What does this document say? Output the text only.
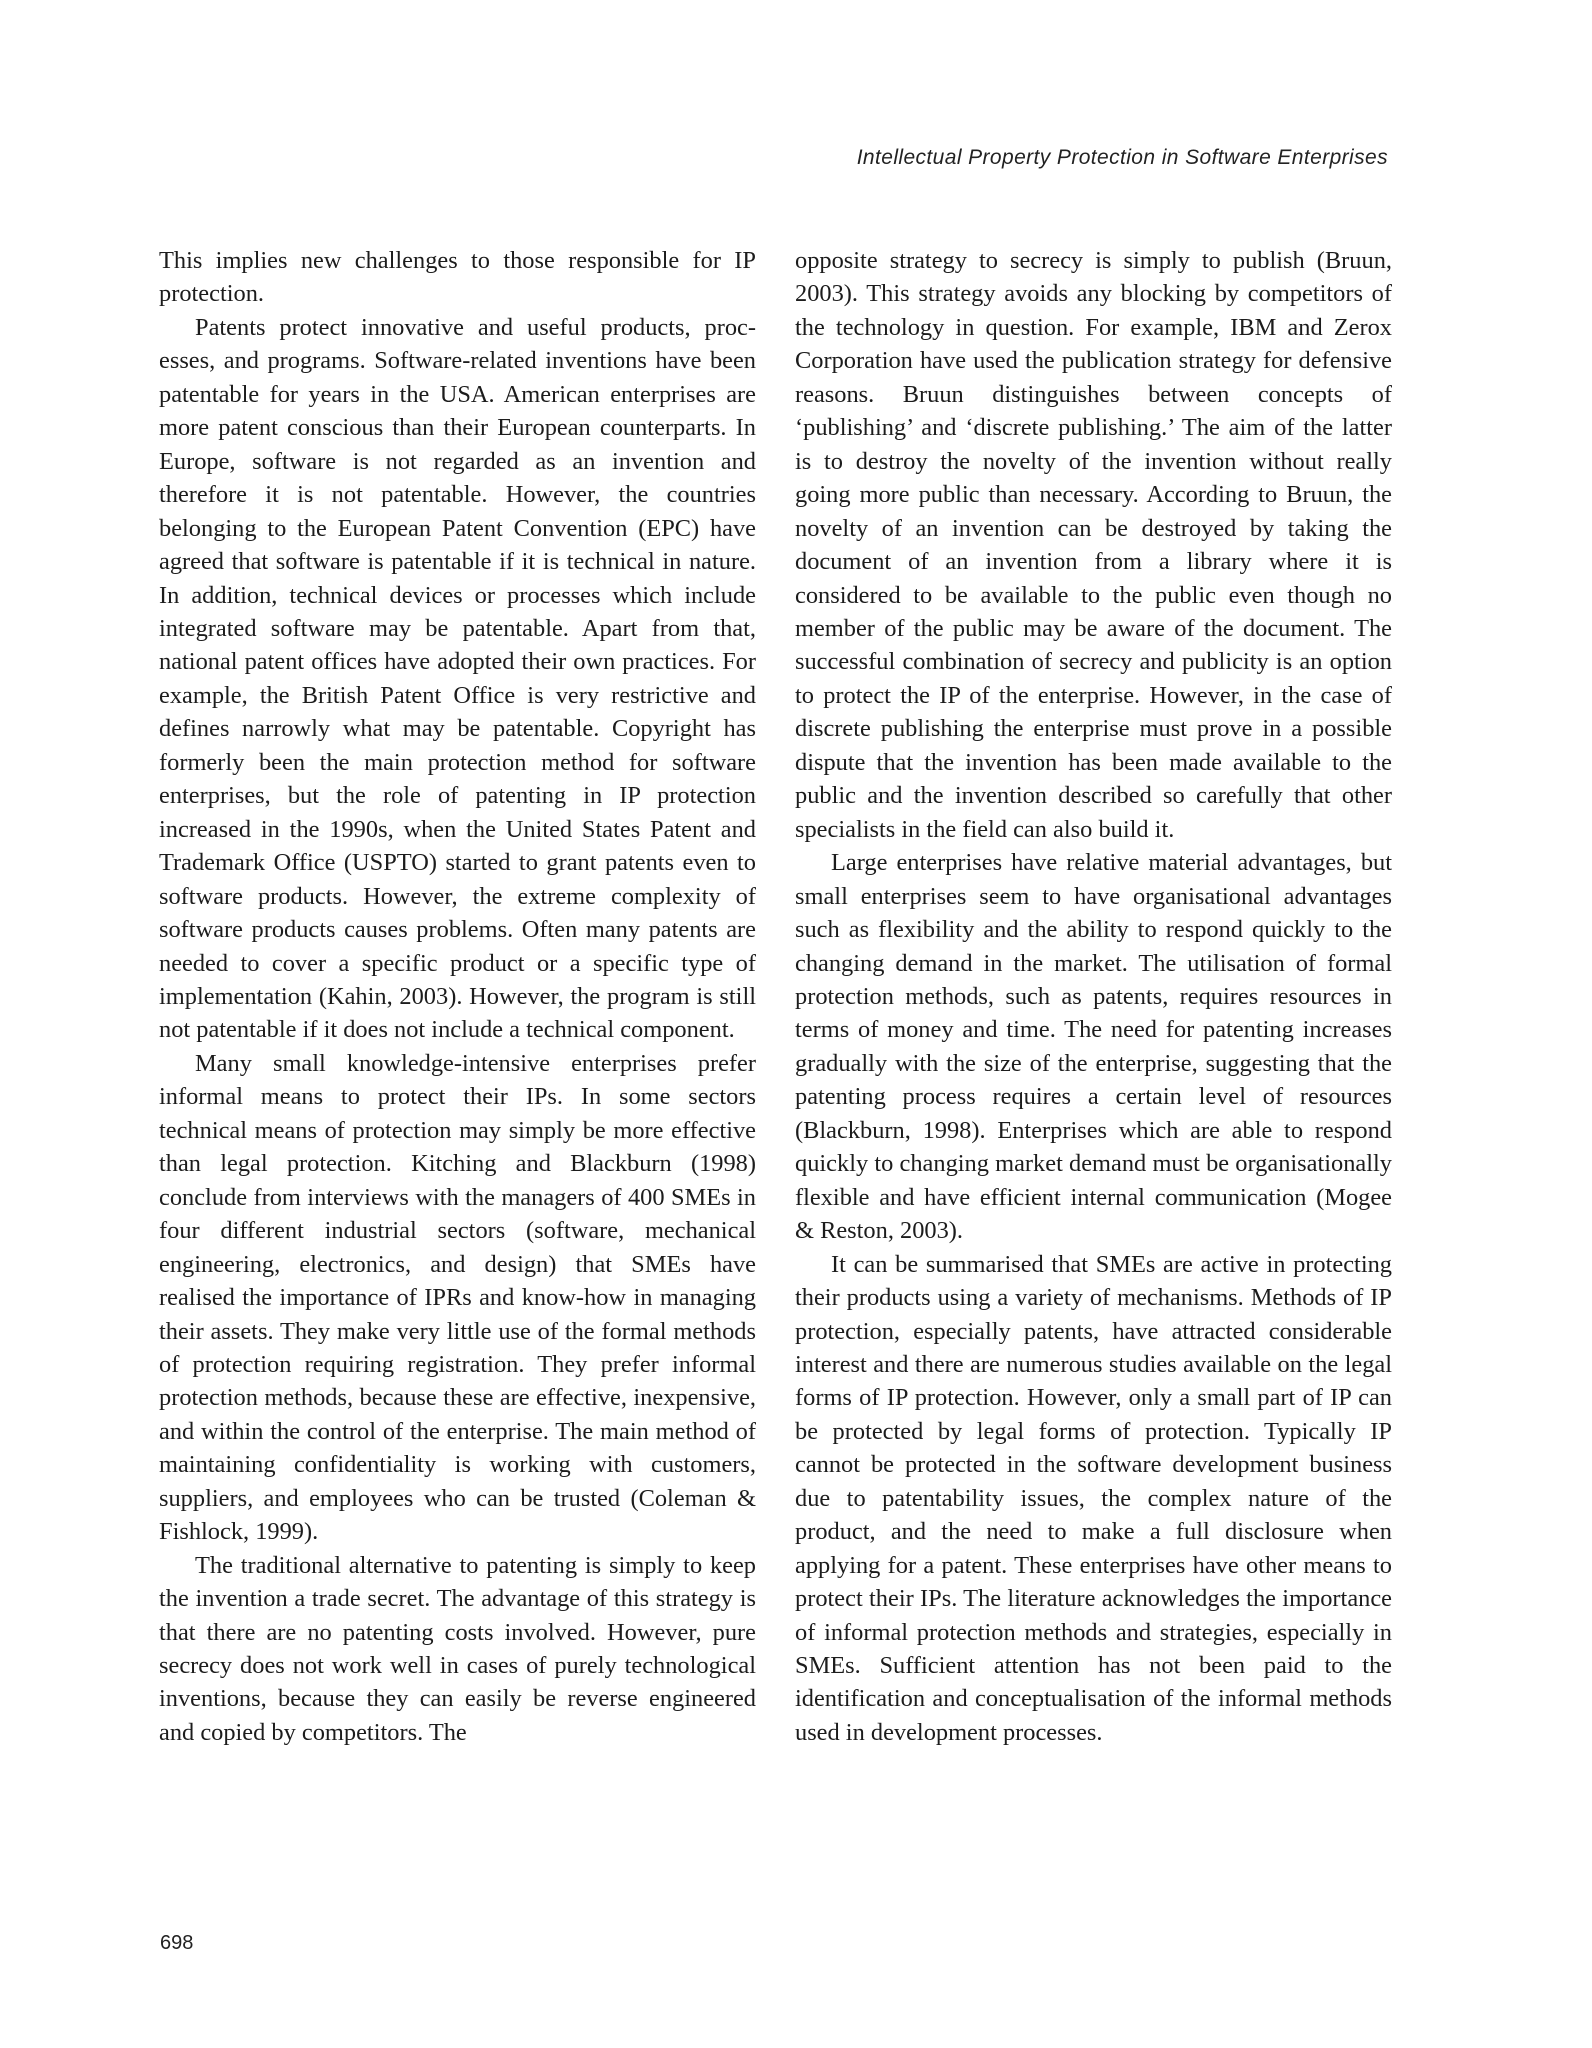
Intellectual Property Protection in Software Enterprises

This implies new challenges to those responsible for IP protection.

Patents protect innovative and useful products, processes, and programs. Software-related inventions have been patentable for years in the USA. American enterprises are more patent conscious than their European counterparts. In Europe, software is not regarded as an invention and therefore it is not patentable. However, the countries belonging to the European Patent Convention (EPC) have agreed that software is patentable if it is technical in nature. In addition, technical devices or processes which include integrated software may be patentable. Apart from that, national patent offices have adopted their own practices. For example, the British Patent Office is very restrictive and defines narrowly what may be patentable. Copyright has formerly been the main protection method for software enterprises, but the role of patenting in IP protection increased in the 1990s, when the United States Patent and Trademark Office (USPTO) started to grant patents even to software products. However, the extreme complexity of software products causes problems. Often many patents are needed to cover a specific product or a specific type of implementation (Kahin, 2003). However, the program is still not patentable if it does not include a technical component.

Many small knowledge-intensive enterprises prefer informal means to protect their IPs. In some sectors technical means of protection may simply be more effective than legal protection. Kitching and Blackburn (1998) conclude from interviews with the managers of 400 SMEs in four different industrial sectors (software, mechanical engineering, electronics, and design) that SMEs have realised the importance of IPRs and know-how in managing their assets. They make very little use of the formal methods of protection requiring registration. They prefer informal protection methods, because these are effective, inexpensive, and within the control of the enterprise. The main method of maintaining confidentiality is working with customers, suppliers, and employees who can be trusted (Coleman & Fishlock, 1999).

The traditional alternative to patenting is simply to keep the invention a trade secret. The advantage of this strategy is that there are no patenting costs involved. However, pure secrecy does not work well in cases of purely technological inventions, because they can easily be reverse engineered and copied by competitors. The

opposite strategy to secrecy is simply to publish (Bruun, 2003). This strategy avoids any blocking by competitors of the technology in question. For example, IBM and Zerox Corporation have used the publication strategy for defensive reasons. Bruun distinguishes between concepts of ‘publishing’ and ‘discrete publishing.’ The aim of the latter is to destroy the novelty of the invention without really going more public than necessary. According to Bruun, the novelty of an invention can be destroyed by taking the document of an invention from a library where it is considered to be available to the public even though no member of the public may be aware of the document. The successful combination of secrecy and publicity is an option to protect the IP of the enterprise. However, in the case of discrete publishing the enterprise must prove in a possible dispute that the invention has been made available to the public and the invention described so carefully that other specialists in the field can also build it.

Large enterprises have relative material advantages, but small enterprises seem to have organisational advantages such as flexibility and the ability to respond quickly to the changing demand in the market. The utilisation of formal protection methods, such as patents, requires resources in terms of money and time. The need for patenting increases gradually with the size of the enterprise, suggesting that the patenting process requires a certain level of resources (Blackburn, 1998). Enterprises which are able to respond quickly to changing market demand must be organisationally flexible and have efficient internal communication (Mogee & Reston, 2003).

It can be summarised that SMEs are active in protecting their products using a variety of mechanisms. Methods of IP protection, especially patents, have attracted considerable interest and there are numerous studies available on the legal forms of IP protection. However, only a small part of IP can be protected by legal forms of protection. Typically IP cannot be protected in the software development business due to patentability issues, the complex nature of the product, and the need to make a full disclosure when applying for a patent. These enterprises have other means to protect their IPs. The literature acknowledges the importance of informal protection methods and strategies, especially in SMEs. Sufficient attention has not been paid to the identification and conceptualisation of the informal methods used in development processes.

698
